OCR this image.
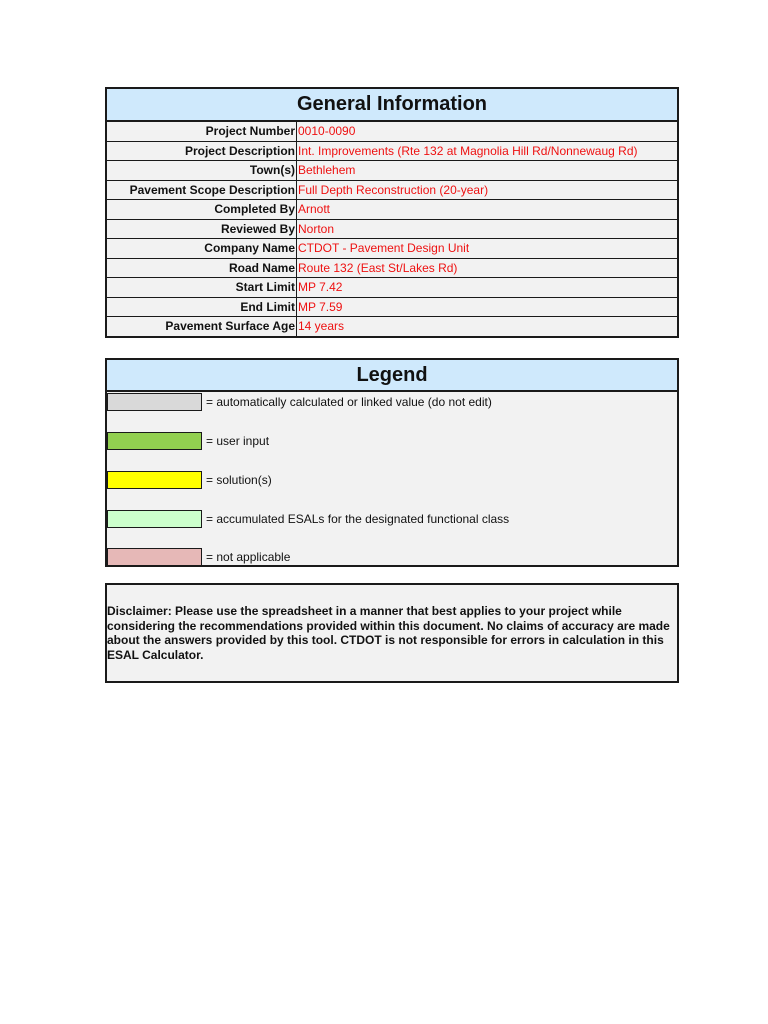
General Information
Project Number 0010-0090
Project Description Int. Improvements (Rte 132 at Magnolia Hill Rd/Nonnewaug Rd)
Town(s) Bethlehem
Pavement Scope Description Full Depth Reconstruction (20-year)
Completed By Arnott
Reviewed By Norton
Company Name CTDOT - Pavement Design Unit
Road Name Route 132 (East St/Lakes Rd)
Start Limit MP 7.42
End Limit MP 7.59
Pavement Surface Age 14 years
Legend
= automatically calculated or linked value (do not edit)
= user input
= solution(s)
= accumulated ESALs for the designated functional class
= not applicable
Disclaimer: Please use the spreadsheet in a manner that best applies to your project while considering the recommendations provided within this document. No claims of accuracy are made about the answers provided by this tool. CTDOT is not responsible for errors in calculation in this ESAL Calculator.
